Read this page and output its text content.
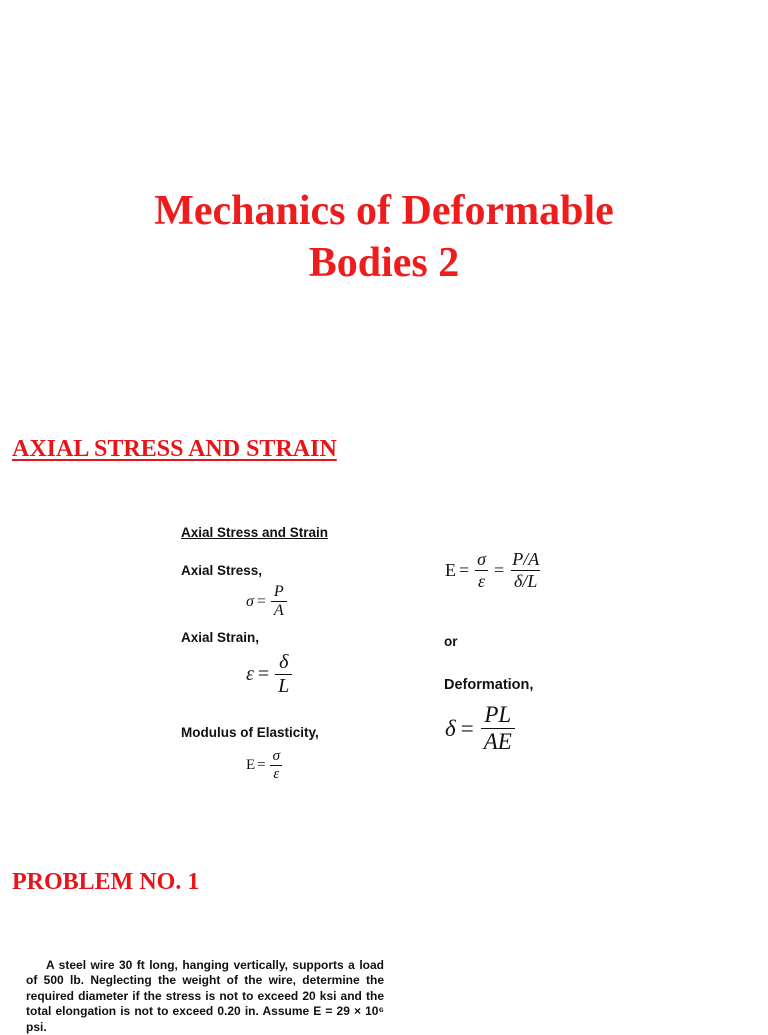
Mechanics of Deformable
Bodies 2
AXIAL STRESS AND STRAIN
Axial Stress and Strain
Axial Stress,
$\sigma = \frac{P}{A}$
Axial Strain,
$\varepsilon = \frac{\delta}{L}$
Modulus of Elasticity,
$E = \frac{\sigma}{\varepsilon}$
$E = \frac{\sigma}{\varepsilon} = \frac{P/A}{\delta/L}$
or
Deformation,
$\delta = \frac{PL}{AE}$
PROBLEM NO. 1
A steel wire 30 ft long, hanging vertically, supports a load of 500 lb. Neglecting the weight of the wire, determine the required diameter if the stress is not to exceed 20 ksi and the total elongation is not to exceed 0.20 in. Assume E = 29 × 10⁶ psi.
